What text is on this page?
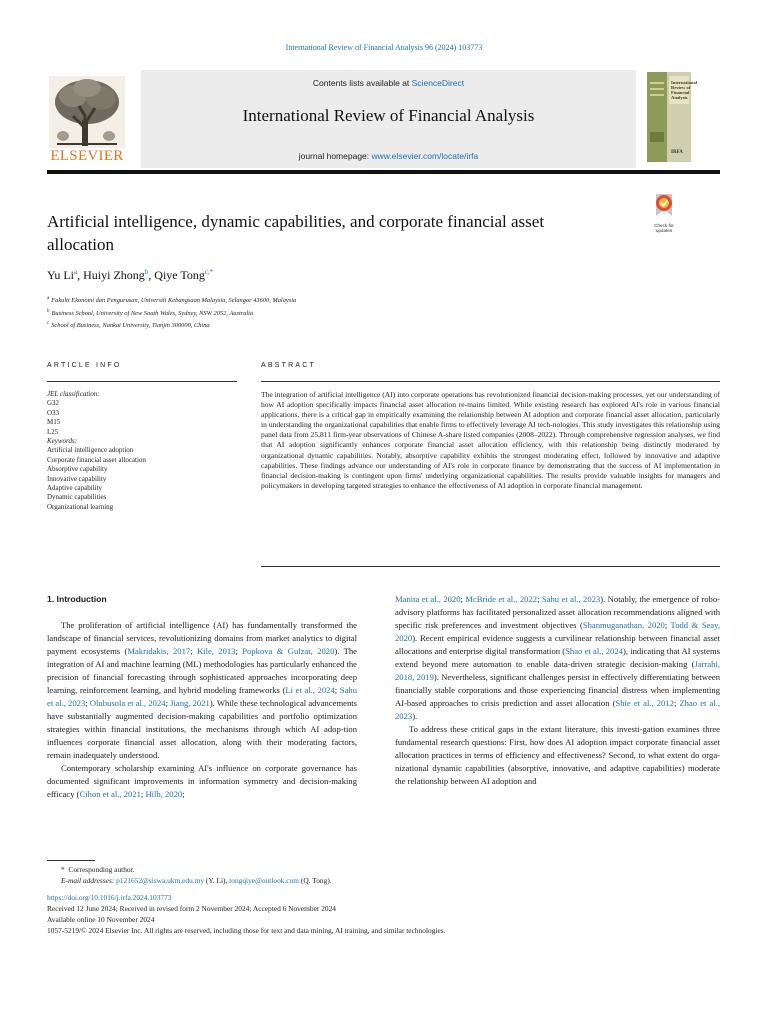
International Review of Financial Analysis 96 (2024) 103773
ELSEVIER
Contents lists available at ScienceDirect
International Review of Financial Analysis
journal homepage: www.elsevier.com/locate/irfa
International Review of Financial Analysis
IRFA
Artificial intelligence, dynamic capabilities, and corporate financial asset allocation
Check for updates
Yu Li$^a$, Huiyi Zhong$^b$, Qiye Tong$^{c,*}$
$^a$ Fakulti Ekonomi dan Pengurusan, Universiti Kebangsaan Malaysia, Selangor 43600, Malaysia
$^b$ Business School, University of New South Wales, Sydney, NSW 2052, Australia
$^c$ School of Business, Nankai University, Tianjin 300000, China
ARTICLE INFO
JEL classification:
G32
O33
M15
L25
Keywords:
Artificial intelligence adoption
Corporate financial asset allocation
Absorptive capability
Innovative capability
Adaptive capability
Dynamic capabilities
Organizational learning
ABSTRACT
The integration of artificial intelligence (AI) into corporate operations has revolutionized financial decision-making processes, yet our understanding of how AI adoption specifically impacts financial asset allocation re-mains limited. While existing research has explored AI's role in various financial applications, there is a critical gap in empirically examining the relationship between AI adoption and corporate financial asset allocation, particularly in understanding the organizational capabilities that enable firms to effectively leverage AI tech-nologies. This study investigates this relationship using panel data from 25,811 firm-year observations of Chinese A-share listed companies (2008–2022). Through comprehensive regression analyses, we find that AI adoption significantly enhances corporate financial asset allocation efficiency, with this relationship being distinctly moderated by organizational dynamic capabilities. Notably, absorptive capability exhibits the strongest moderating effect, followed by innovative and adaptive capabilities. These findings advance our understanding of AI's role in corporate finance by demonstrating that the success of AI implementation in financial decision-making is contingent upon firms' underlying organizational capabilities. The results provide valuable insights for managers and policymakers in developing targeted strategies to enhance the effectiveness of AI adoption in corporate financial management.
1. Introduction

The proliferation of artificial intelligence (AI) has fundamentally transformed the landscape of financial services, revolutionizing domains from market analytics to digital payment ecosystems (Makridakis, 2017; Kile, 2013; Popkova & Gulzat, 2020). The integration of AI and machine learning (ML) methodologies has particularly enhanced the precision of financial forecasting through sophisticated approaches incorporating deep learning, reinforcement learning, and hybrid modeling frameworks (Li et al., 2024; Sahu et al., 2023; Olubusola et al., 2024; Jiang, 2021). While these technological advancements have substantially augmented decision-making capabilities and portfolio optimization strategies within financial institutions, the mechanisms through which AI adop-tion influences corporate financial asset allocation, along with their moderating factors, remain inadequately understood.

Contemporary scholarship examining AI's influence on corporate governance has documented significant improvements in information symmetry and decision-making efficacy (Cihon et al., 2021; Hilb, 2020;

Manita et al., 2020; McBride et al., 2022; Sahu et al., 2023). Notably, the emergence of robo-advisory platforms has facilitated personalized asset allocation recommendations aligned with specific risk preferences and investment objectives (Shanmuganathan, 2020; Todd & Seay, 2020). Recent empirical evidence suggests a curvilinear relationship between financial asset allocations and enterprise digital transformation (Shao et al., 2024), indicating that AI systems extend beyond mere automation to enable data-driven strategic decision-making (Jarrahi, 2018, 2019). Nevertheless, significant challenges persist in effectively differentiating between financially stable corporations and those experiencing financial distress when implementing AI-based approaches to crisis prediction and asset allocation (Shie et al., 2012; Zhao et al., 2023).

To address these critical gaps in the extant literature, this investi-gation examines three fundamental research questions: First, how does AI adoption impact corporate financial asset allocation practices in terms of efficiency and effectiveness? Second, to what extent do orga-nizational dynamic capabilities (absorptive, innovative, and adaptive capabilities) moderate the relationship between AI adoption and

* Corresponding author.
E-mail addresses: p121652@siswa.ukm.edu.my (Y. Li), tongqiye@outlook.com (Q. Tong).
https://doi.org/10.1016/j.irfa.2024.103773
Received 12 June 2024; Received in revised form 2 November 2024; Accepted 6 November 2024
Available online 10 November 2024
1057-5219/© 2024 Elsevier Inc. All rights are reserved, including those for text and data mining, AI training, and similar technologies.
